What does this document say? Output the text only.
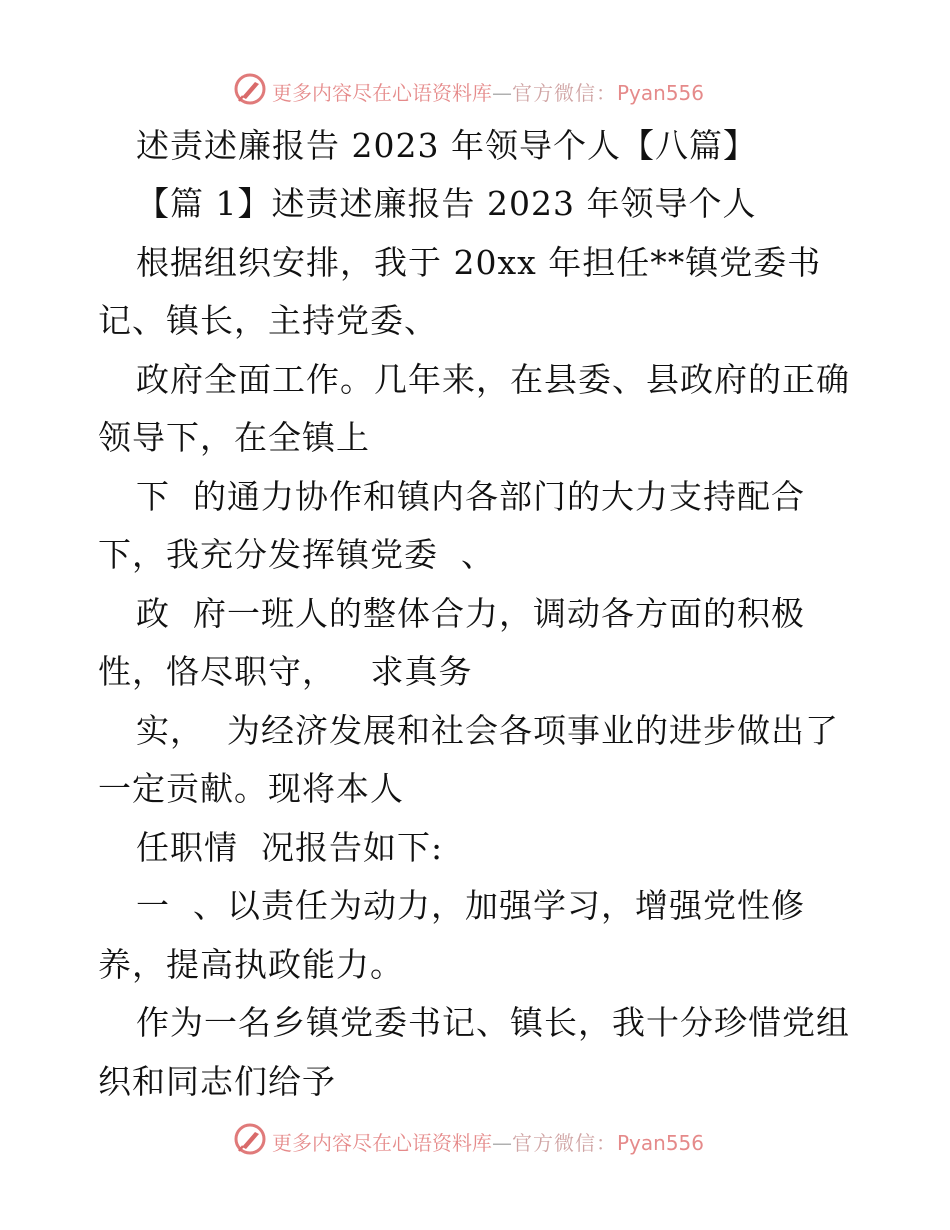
更多内容尽在心语资料库—官方微信：Pyan556
述责述廉报告 2023 年领导个人【八篇】
【篇 1】述责述廉报告 2023 年领导个人
根据组织安排，我于 20xx 年担任**镇党委书
记、镇长，主持党委、
政府全面工作。几年来，在县委、县政府的正确
领导下，在全镇上
下  的通力协作和镇内各部门的大力支持配合
下，我充分发挥镇党委  、
政  府一班人的整体合力，调动各方面的积极
性，恪尽职守，   求真务
实，  为经济发展和社会各项事业的进步做出了
一定贡献。现将本人
任职情  况报告如下:
一  、以责任为动力，加强学习，增强党性修
养，提高执政能力。
作为一名乡镇党委书记、镇长，我十分珍惜党组
织和同志们给予
更多内容尽在心语资料库—官方微信：Pyan556
